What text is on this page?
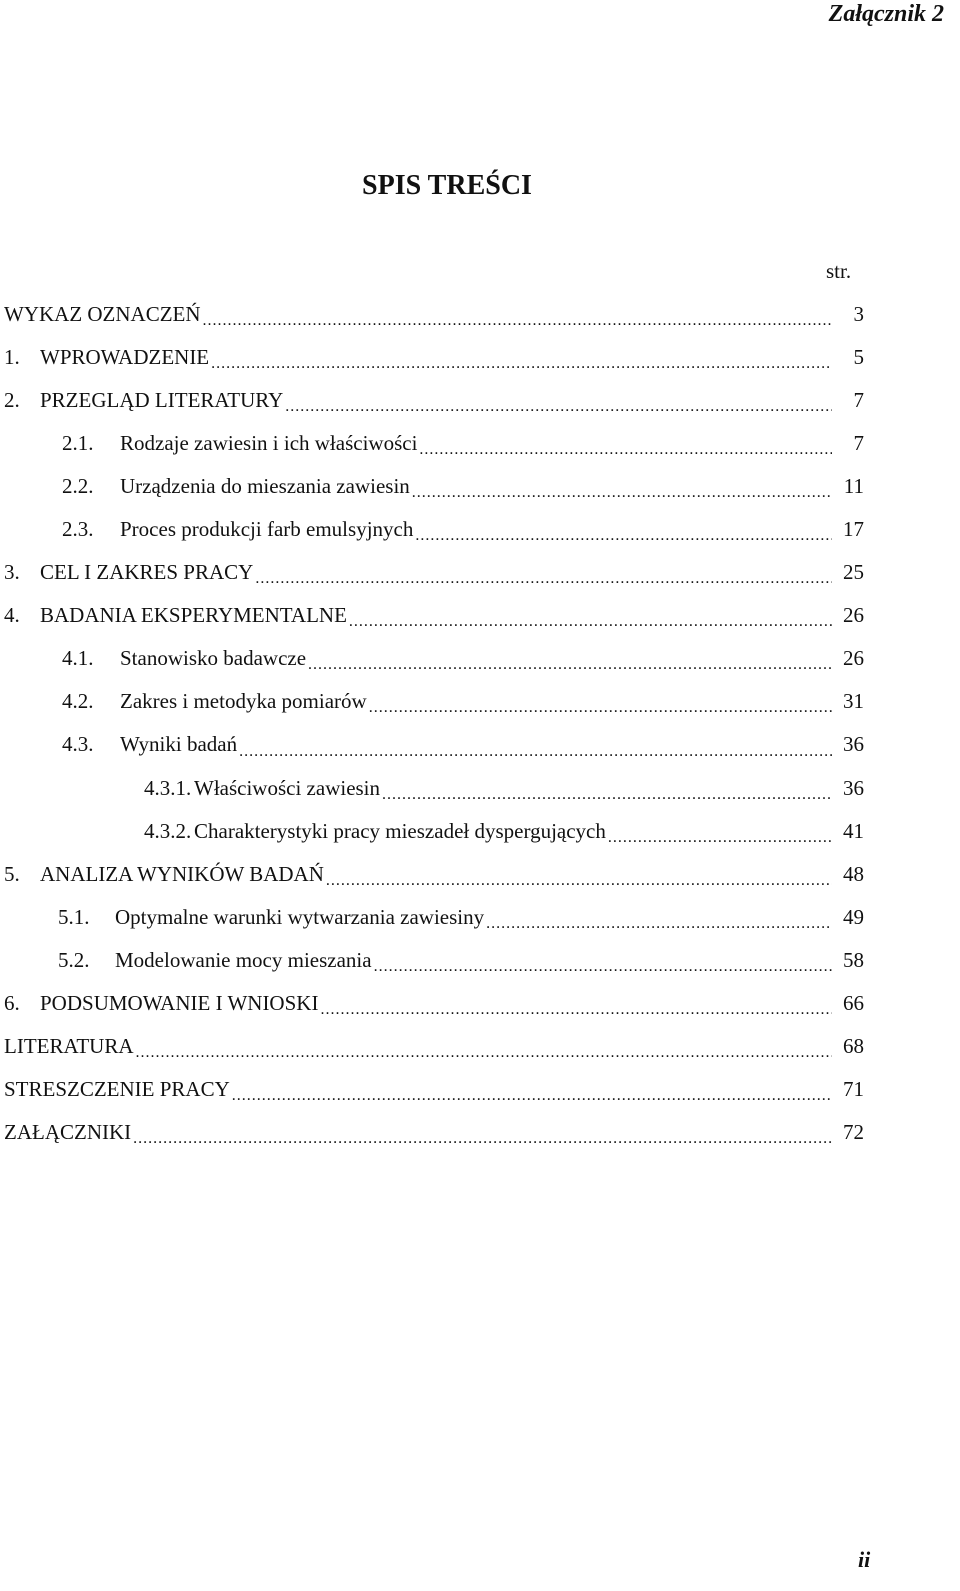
Załącznik 2
SPIS TREŚCI
str.
WYKAZ OZNACZEŃ .....	3
1. WPROWADZENIE .....	5
2. PRZEGLĄD LITERATURY .....	7
2.1.	Rodzaje zawiesin i ich właściwości .....	7
2.2.	Urządzenia do mieszania zawiesin .....	11
2.3.	Proces produkcji farb emulsyjnych .....	17
3. CEL I ZAKRES PRACY .....	25
4. BADANIA EKSPERYMENTALNE .....	26
4.1.	Stanowisko badawcze .....	26
4.2.	Zakres i metodyka pomiarów .....	31
4.3.	Wyniki badań .....	36
4.3.1. Właściwości zawiesin .....	36
4.3.2. Charakterystyki pracy mieszadeł dyspergujących .....	41
5. ANALIZA WYNIKÓW BADAŃ .....	48
5.1.	Optymalne warunki wytwarzania zawiesiny .....	49
5.2.	Modelowanie mocy mieszania .....	58
6. PODSUMOWANIE I WNIOSKI .....	66
LITERATURA .....	68
STRESZCZENIE PRACY .....	71
ZAŁĄCZNIKI .....	72
ii
